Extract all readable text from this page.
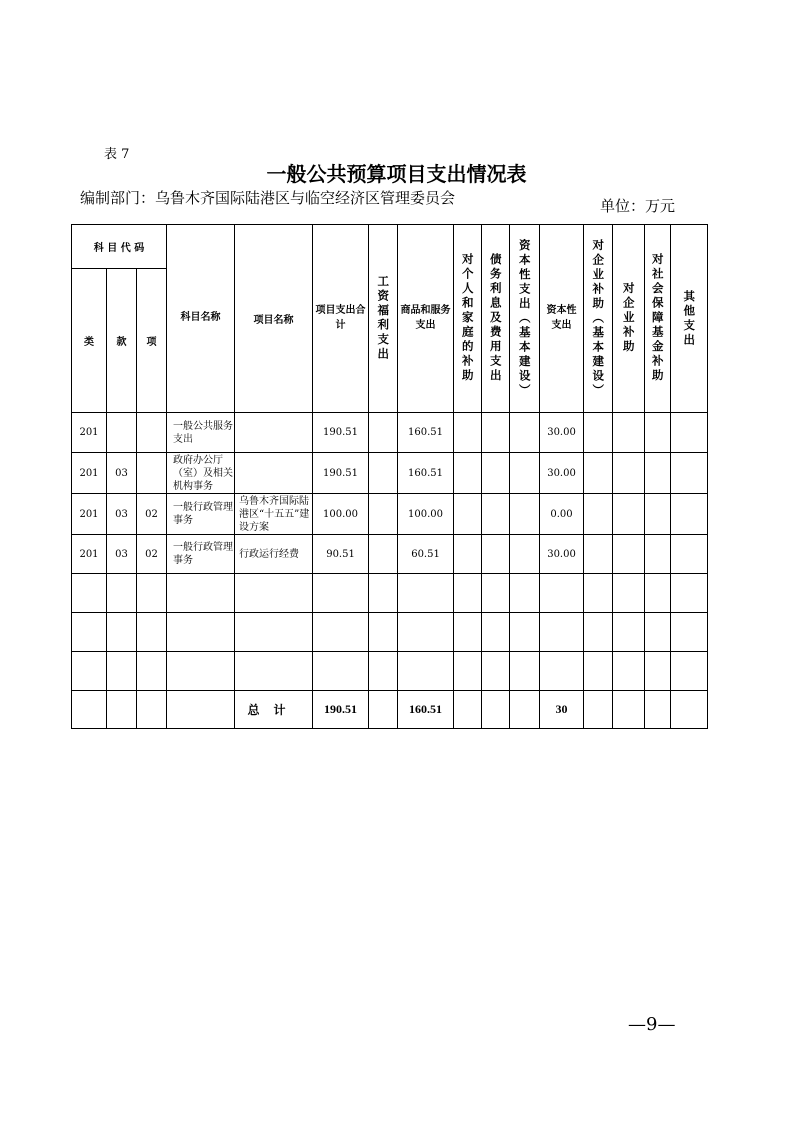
表 7
一般公共预算项目支出情况表
编制部门：乌鲁木齐国际陆港区与临空经济区管理委员会	单位：万元
科 目 代 码			科目名称	项目名称	项目支出合计	工资福利支出	商品和服务支出	对个人和家庭的补助	债务利息及费用支出	资本性支出（基本建设）	资本性支出	对企业补助（基本建设）	对企业补助	对社会保障基金补助	其他支出

类	款	项													
201			一般公共服务支出		190.51		160.51				30.00				
201	03		政府办公厅（室）及相关机构事务		190.51		160.51				30.00				
201	03	02	一般行政管理事务	乌鲁木齐国际陆港区“十五五”建设方案	100.00		100.00				0.00				
201	03	02	一般行政管理事务	行政运行经费	90.51		60.51				30.00				

				总计	190.51		160.51				30				
—9—
